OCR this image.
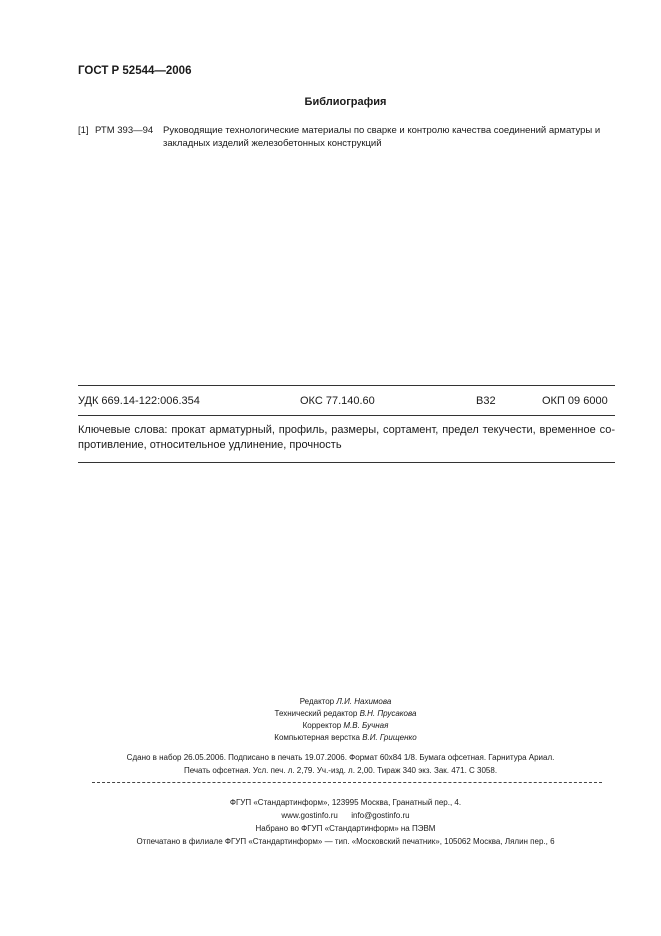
ГОСТ Р 52544—2006
Библиография
[1] РТМ 393—94 Руководящие технологические материалы по сварке и контролю качества соединений арматуры и закладных изделий железобетонных конструкций
УДК 669.14-122:006.354	ОКС 77.140.60	В32	ОКП 09 6000
Ключевые слова: прокат арматурный, профиль, размеры, сортамент, предел текучести, временное со-
противление, относительное удлинение, прочность
Редактор Л.И. Нахимова
Технический редактор В.Н. Прусакова
Корректор М.В. Бучная
Компьютерная верстка В.И. Грищенко
Сдано в набор 26.05.2006. Подписано в печать 19.07.2006. Формат 60x84 1/8. Бумага офсетная. Гарнитура Ариал.
Печать офсетная. Усл. печ. л. 2,79. Уч.-изд. л. 2,00. Тираж 340 экз. Зак. 471. С 3058.
ФГУП «Стандартинформ», 123995 Москва, Гранатный пер., 4.
www.gostinfo.ru info@gostinfo.ru
Набрано во ФГУП «Стандартинформ» на ПЭВМ
Отпечатано в филиале ФГУП «Стандартинформ» — тип. «Московский печатник», 105062 Москва, Лялин пер., 6
